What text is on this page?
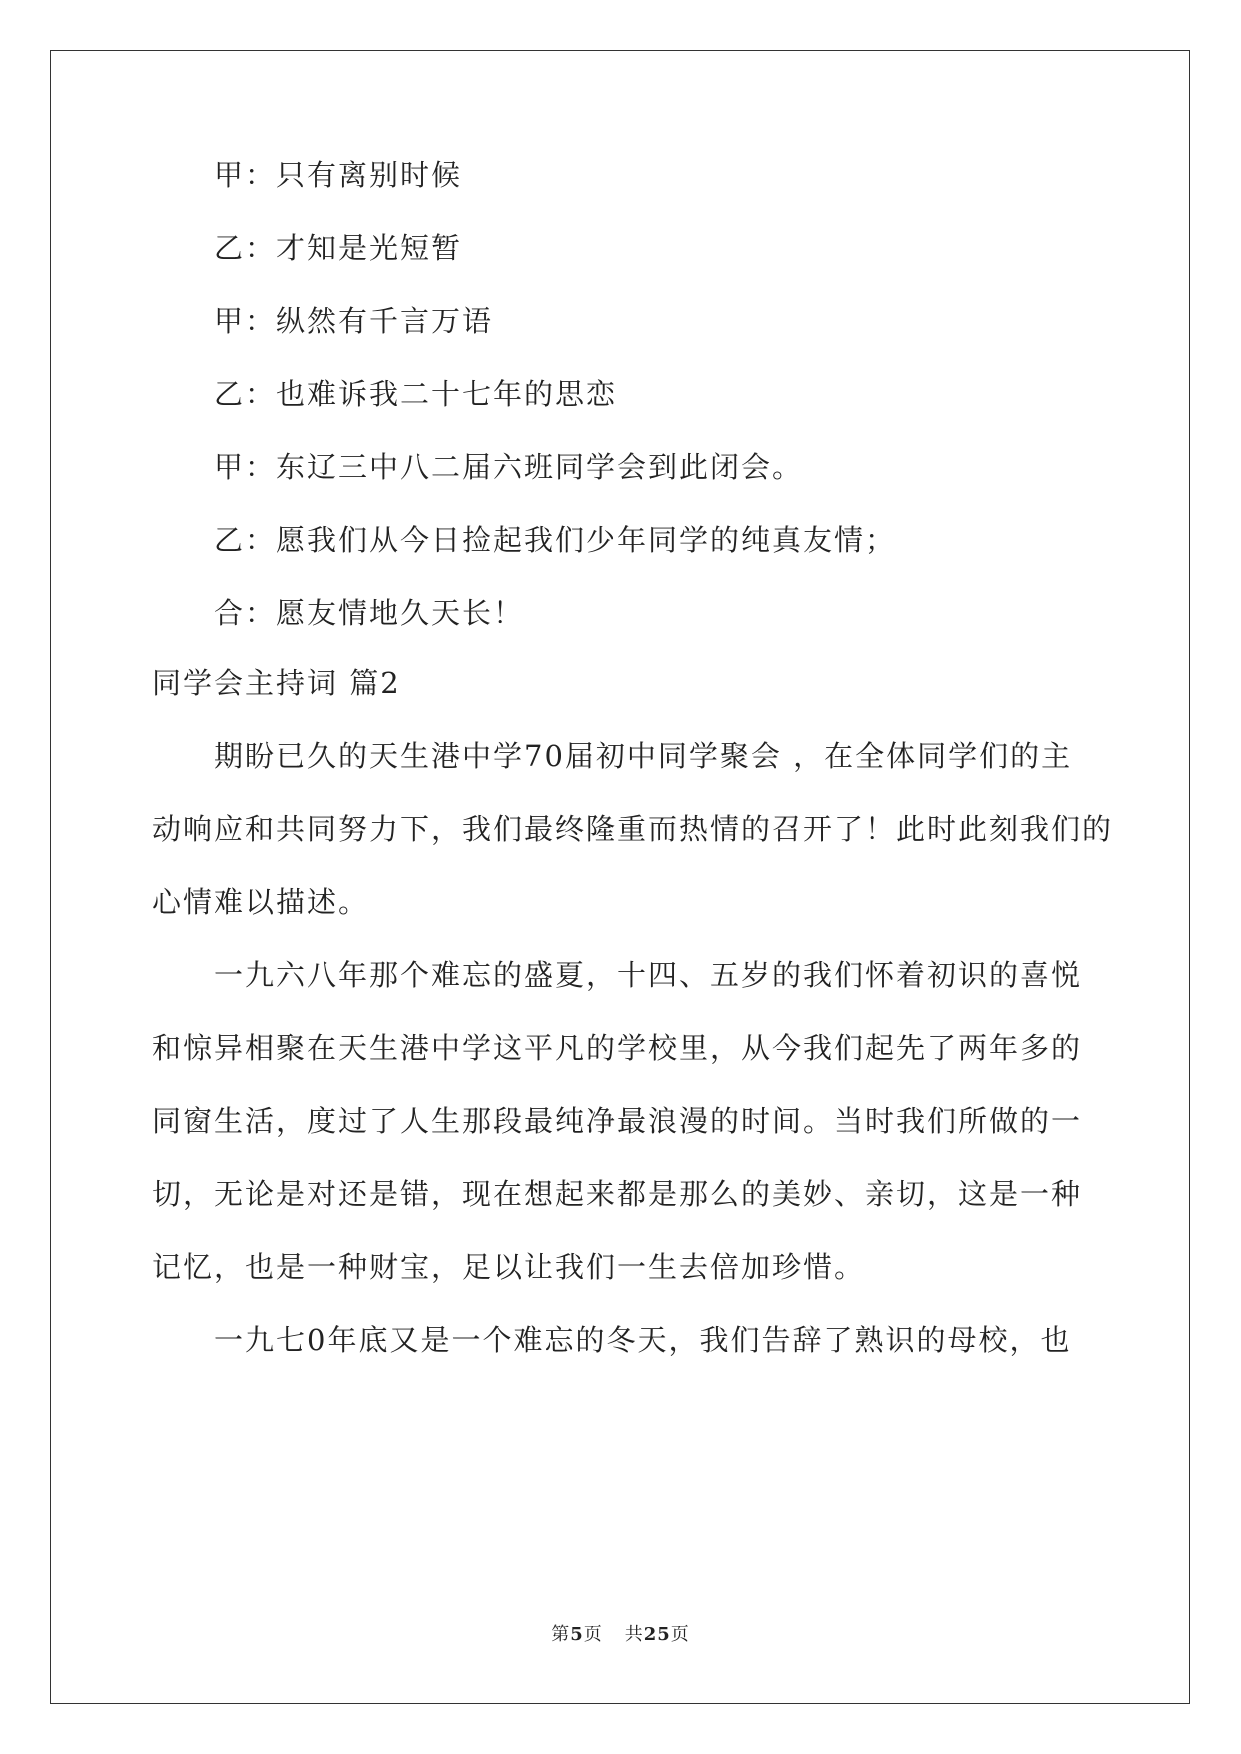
甲：只有离别时候
乙：才知是光短暂
甲：纵然有千言万语
乙：也难诉我二十七年的思恋
甲：东辽三中八二届六班同学会到此闭会。
乙：愿我们从今日捡起我们少年同学的纯真友情；
合：愿友情地久天长！
同学会主持词 篇2
期盼已久的天生港中学70届初中同学聚会 ，在全体同学们的主
动响应和共同努力下，我们最终隆重而热情的召开了！此时此刻我们的
心情难以描述。
一九六八年那个难忘的盛夏，十四、五岁的我们怀着初识的喜悦
和惊异相聚在天生港中学这平凡的学校里，从今我们起先了两年多的
同窗生活，度过了人生那段最纯净最浪漫的时间。当时我们所做的一
切，无论是对还是错，现在想起来都是那么的美妙、亲切，这是一种
记忆，也是一种财宝，足以让我们一生去倍加珍惜。
一九七0年底又是一个难忘的冬天，我们告辞了熟识的母校，也
第5页 共25页
